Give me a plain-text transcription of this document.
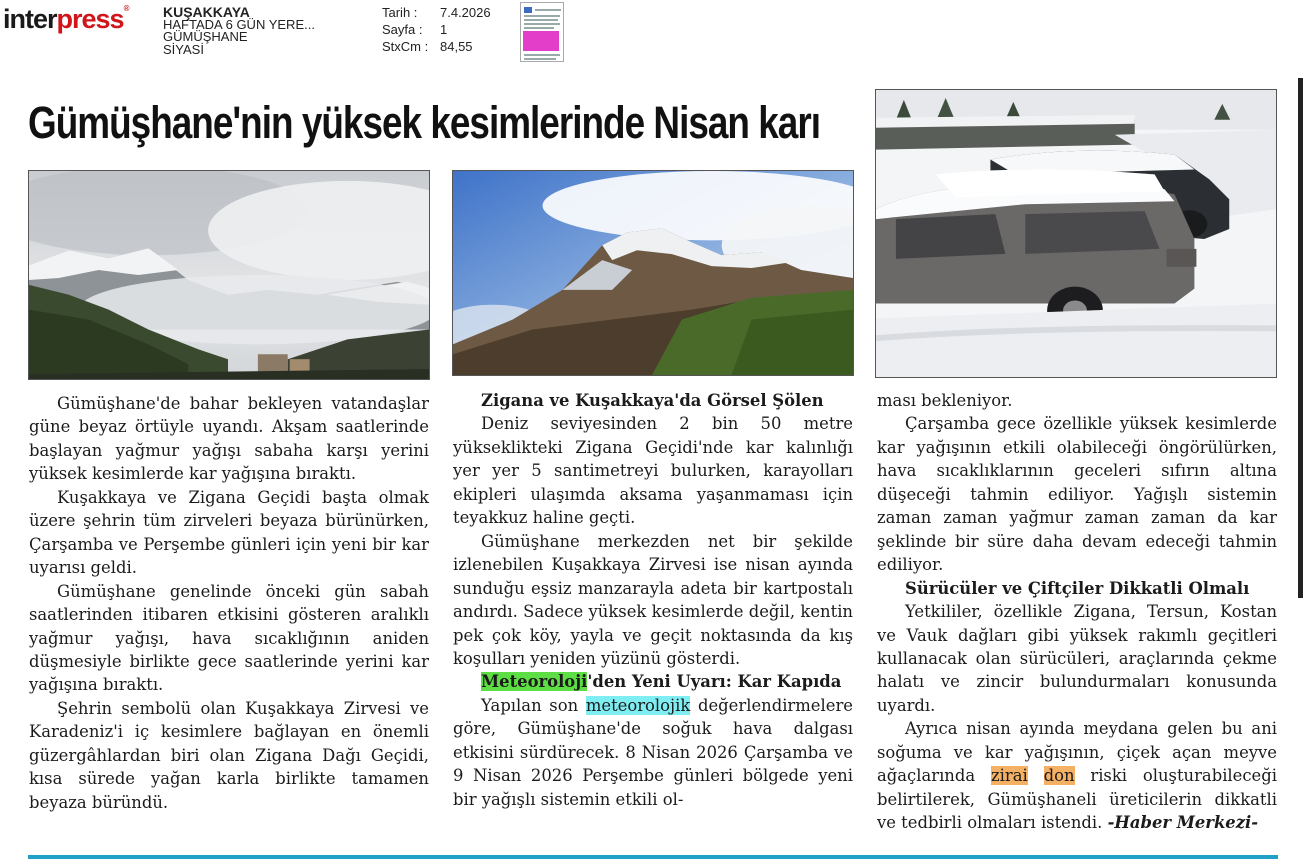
interpress® KUŞAKKAYA
HAFTADA 6 GÜN YERE...
GÜMÜŞHANE
SİYASİ
Tarih :	7.4.2026
Sayfa :	1
StxCm : 84,55
Gümüşhane'nin yüksek kesimlerinde Nisan karı

Gümüşhane'de bahar bekleyen vatandaşlar güne beyaz örtüyle uyandı. Akşam saatlerinde başlayan yağmur yağışı sabaha karşı yerini yüksek kesimlerde kar yağışına bıraktı.

Kuşakkaya ve Zigana Geçidi başta olmak üzere şehrin tüm zirveleri beyaza bürünürken, Çarşamba ve Perşembe günleri için yeni bir kar uyarısı geldi.

Gümüşhane genelinde önceki gün sabah saatlerinden itibaren etkisini gösteren aralıklı yağmur yağışı, hava sıcaklığının aniden düşmesiyle birlikte gece saatlerinde yerini kar yağışına bıraktı.

Şehrin sembolü olan Kuşakkaya Zirvesi ve Karadeniz'i iç kesimlere bağlayan en önemli güzergâhlardan biri olan Zigana Dağı Geçidi, kısa sürede yağan karla birlikte tamamen beyaza büründü.

Zigana ve Kuşakkaya'da Görsel Şölen

Deniz seviyesinden 2 bin 50 metre yükseklikteki Zigana Geçidi'nde kar kalınlığı yer yer 5 santimetreyi bulurken, karayolları ekipleri ulaşımda aksama yaşanmaması için teyakkuz haline geçti.

Gümüşhane merkezden net bir şekilde izlenebilen Kuşakkaya Zirvesi ise nisan ayında sunduğu eşsiz manzarayla adeta bir kartpostalı andırdı. Sadece yüksek kesimlerde değil, kentin pek çok köy, yayla ve geçit noktasında da kış koşulları yeniden yüzünü gösterdi.

Meteoroloji'den Yeni Uyarı: Kar Kapıda

Yapılan son meteorolojik değerlendirmelere göre, Gümüşhane'de soğuk hava dalgası etkisini sürdürecek. 8 Nisan 2026 Çarşamba ve 9 Nisan 2026 Perşembe günleri bölgede yeni bir yağışlı sistemin etkili ol-

ması bekleniyor.

Çarşamba gece özellikle yüksek kesimlerde kar yağışının etkili olabileceği öngörülürken, hava sıcaklıklarının geceleri sıfırın altına düşeceği tahmin ediliyor. Yağışlı sistemin zaman zaman yağmur zaman zaman da kar şeklinde bir süre daha devam edeceği tahmin ediliyor.

Sürücüler ve Çiftçiler Dikkatli Olmalı

Yetkililer, özellikle Zigana, Tersun, Kostan ve Vauk dağları gibi yüksek rakımlı geçitleri kullanacak olan sürücüleri, araçlarında çekme halatı ve zincir bulundurmaları konusunda uyardı.

Ayrıca nisan ayında meydana gelen bu ani soğuma ve kar yağışının, çiçek açan meyve ağaçlarında zirai don riski oluşturabileceği belirtilerek, Gümüşhaneli üreticilerin dikkatli ve tedbirli olmaları istendi. -Haber Merkezi-
